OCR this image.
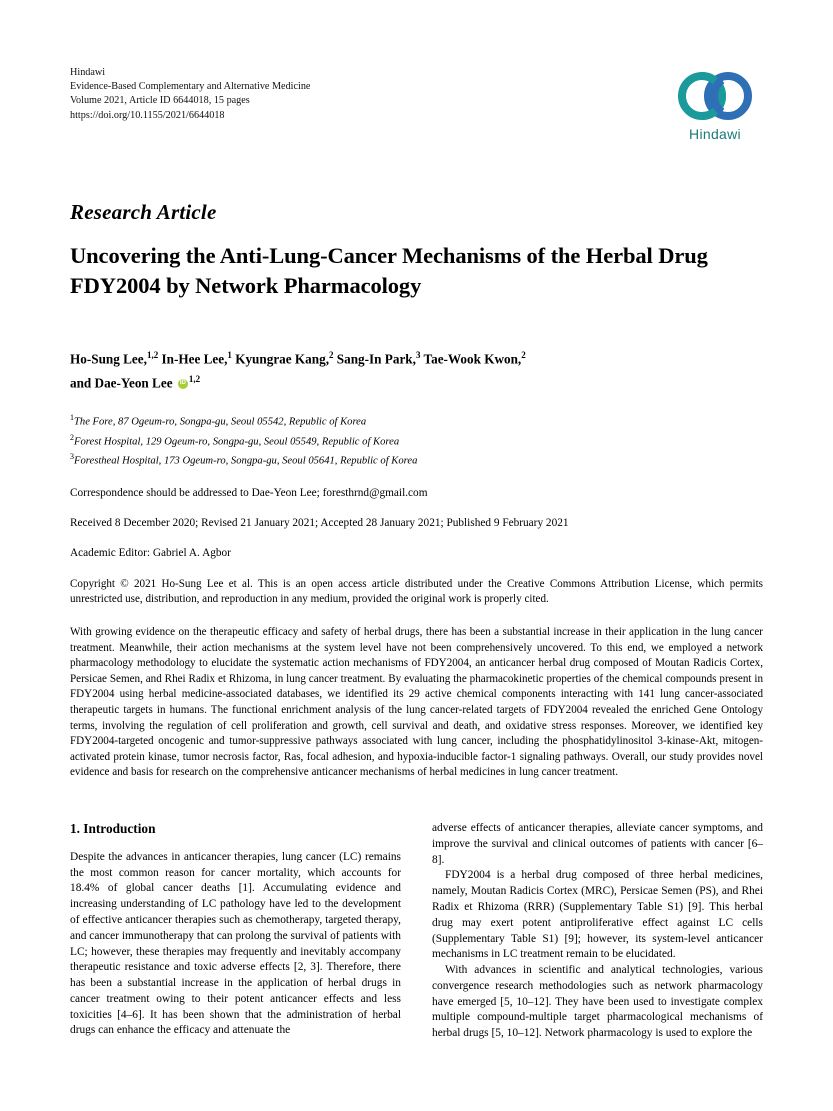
Hindawi
Evidence-Based Complementary and Alternative Medicine
Volume 2021, Article ID 6644018, 15 pages
https://doi.org/10.1155/2021/6644018
Hindawi
Research Article
Uncovering the Anti-Lung-Cancer Mechanisms of the Herbal Drug FDY2004 by Network Pharmacology
Ho-Sung Lee,$^{1,2}$ In-Hee Lee,$^1$ Kyungrae Kang,$^2$ Sang-In Park,$^3$ Tae-Wook Kwon,$^2$
and Dae-Yeon Lee iD$^{1,2}$
$^1$The Fore, 87 Ogeum-ro, Songpa-gu, Seoul 05542, Republic of Korea
$^2$Forest Hospital, 129 Ogeum-ro, Songpa-gu, Seoul 05549, Republic of Korea
$^3$Forestheal Hospital, 173 Ogeum-ro, Songpa-gu, Seoul 05641, Republic of Korea
Correspondence should be addressed to Dae-Yeon Lee; foresthrnd@gmail.com
Received 8 December 2020; Revised 21 January 2021; Accepted 28 January 2021; Published 9 February 2021
Academic Editor: Gabriel A. Agbor
Copyright © 2021 Ho-Sung Lee et al. This is an open access article distributed under the Creative Commons Attribution License, which permits unrestricted use, distribution, and reproduction in any medium, provided the original work is properly cited.
With growing evidence on the therapeutic efficacy and safety of herbal drugs, there has been a substantial increase in their application in the lung cancer treatment. Meanwhile, their action mechanisms at the system level have not been comprehensively uncovered. To this end, we employed a network pharmacology methodology to elucidate the systematic action mechanisms of FDY2004, an anticancer herbal drug composed of Moutan Radicis Cortex, Persicae Semen, and Rhei Radix et Rhizoma, in lung cancer treatment. By evaluating the pharmacokinetic properties of the chemical compounds present in FDY2004 using herbal medicine-associated databases, we identified its 29 active chemical components interacting with 141 lung cancer-associated therapeutic targets in humans. The functional enrichment analysis of the lung cancer-related targets of FDY2004 revealed the enriched Gene Ontology terms, involving the regulation of cell proliferation and growth, cell survival and death, and oxidative stress responses. Moreover, we identified key FDY2004-targeted oncogenic and tumor-suppressive pathways associated with lung cancer, including the phosphatidylinositol 3-kinase-Akt, mitogen-activated protein kinase, tumor necrosis factor, Ras, focal adhesion, and hypoxia-inducible factor-1 signaling pathways. Overall, our study provides novel evidence and basis for research on the comprehensive anticancer mechanisms of herbal medicines in lung cancer treatment.
1. Introduction

Despite the advances in anticancer therapies, lung cancer (LC) remains the most common reason for cancer mortality, which accounts for 18.4% of global cancer deaths [1]. Accumulating evidence and increasing understanding of LC pathology have led to the development of effective anticancer therapies such as chemotherapy, targeted therapy, and cancer immunotherapy that can prolong the survival of patients with LC; however, these therapies may frequently and inevitably accompany therapeutic resistance and toxic adverse effects [2, 3]. Therefore, there has been a substantial increase in the application of herbal drugs in cancer treatment owing to their potent anticancer effects and less toxicities [4–6]. It has been shown that the administration of herbal drugs can enhance the efficacy and attenuate the

adverse effects of anticancer therapies, alleviate cancer symptoms, and improve the survival and clinical outcomes of patients with cancer [6–8].

FDY2004 is a herbal drug composed of three herbal medicines, namely, Moutan Radicis Cortex (MRC), Persicae Semen (PS), and Rhei Radix et Rhizoma (RRR) (Supplementary Table S1) [9]. This herbal drug may exert potent antiproliferative effect against LC cells (Supplementary Table S1) [9]; however, its system-level anticancer mechanisms in LC treatment remain to be elucidated.

With advances in scientific and analytical technologies, various convergence research methodologies such as network pharmacology have emerged [5, 10–12]. They have been used to investigate complex multiple compound-multiple target pharmacological mechanisms of herbal drugs [5, 10–12]. Network pharmacology is used to explore the
